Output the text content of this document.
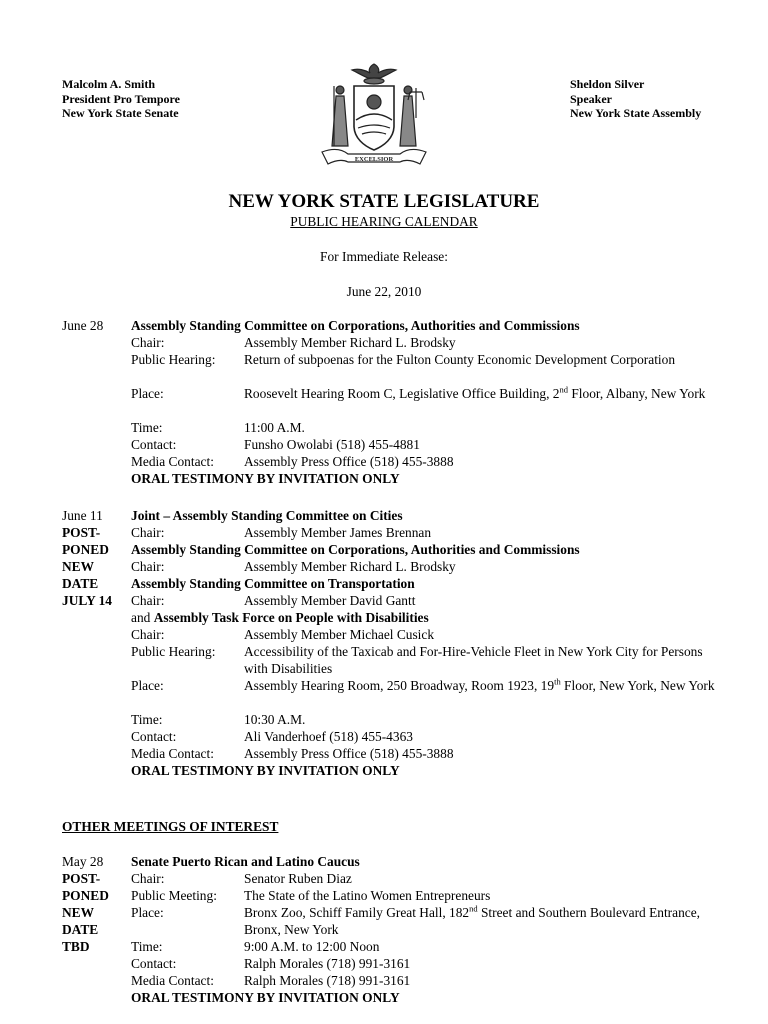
Malcolm A. Smith
President Pro Tempore
New York State Senate
EXCELSIOR
Sheldon Silver
Speaker
New York State Assembly
NEW YORK STATE LEGISLATURE
PUBLIC HEARING CALENDAR
For Immediate Release:
June 22, 2010
June 28	Assembly Standing Committee on Corporations, Authorities and Commissions
Chair:	Assembly Member Richard L. Brodsky
Public Hearing: Return of subpoenas for the Fulton County Economic Development Corporation
Place:	Roosevelt Hearing Room C, Legislative Office Building, 2nd Floor, Albany, New York
Time:	11:00 A.M.
Contact:	Funsho Owolabi (518) 455-4881
Media Contact: Assembly Press Office (518) 455-3888
ORAL TESTIMONY BY INVITATION ONLY
June 11	Joint – Assembly Standing Committee on Cities
POST-	Chair:	Assembly Member James Brennan
PONED	Assembly Standing Committee on Corporations, Authorities and Commissions
NEW	Chair:	Assembly Member Richard L. Brodsky
DATE	Assembly Standing Committee on Transportation
JULY 14	Chair:	Assembly Member David Gantt
and Assembly Task Force on People with Disabilities
Chair:	Assembly Member Michael Cusick
Public Hearing: Accessibility of the Taxicab and For-Hire-Vehicle Fleet in New York City for Persons with Disabilities
Place:	Assembly Hearing Room, 250 Broadway, Room 1923, 19th Floor, New York, New York
Time:	10:30 A.M.
Contact:	Ali Vanderhoef (518) 455-4363
Media Contact: Assembly Press Office (518) 455-3888
ORAL TESTIMONY BY INVITATION ONLY
OTHER MEETINGS OF INTEREST
May 28	Senate Puerto Rican and Latino Caucus
POST-	Chair:	Senator Ruben Diaz
PONED	Public Meeting: The State of the Latino Women Entrepreneurs
NEW
DATE
Place:	Bronx Zoo, Schiff Family Great Hall, 182nd Street and Southern Boulevard Entrance, Bronx, New York
TBD	Time:	9:00 A.M. to 12:00 Noon
Contact:	Ralph Morales (718) 991-3161
Media Contact: Ralph Morales (718) 991-3161
ORAL TESTIMONY BY INVITATION ONLY
